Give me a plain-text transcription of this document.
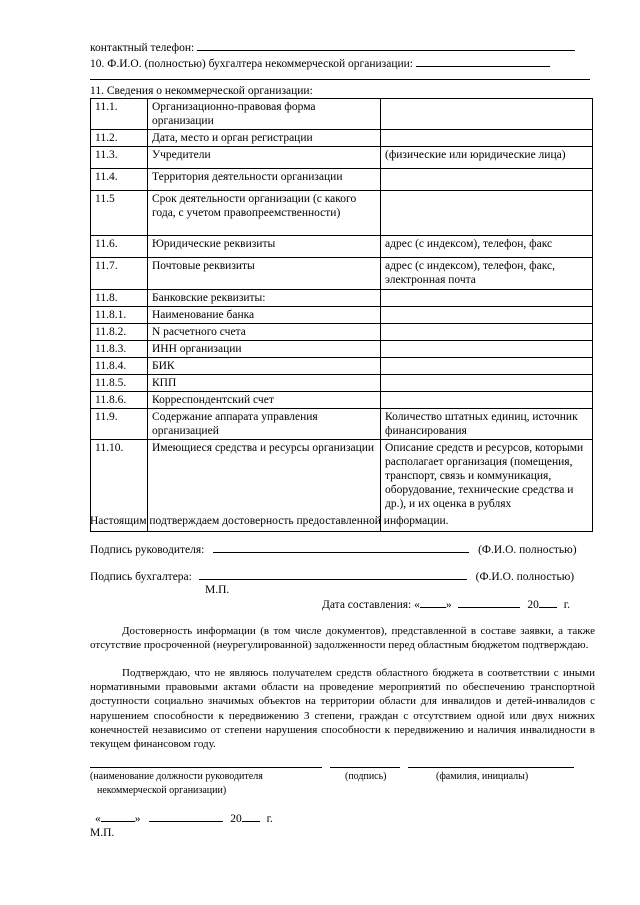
контактный телефон:
10. Ф.И.О. (полностью) бухгалтера некоммерческой организации:
11. Сведения о некоммерческой организации:
11.1.	Организационно-правовая форма организации	
11.2.	Дата, место и орган регистрации	
11.3.	Учредители	(физические или юридические лица)
11.4.	Территория деятельности организации	
11.5	Срок деятельности организации (с какого года, с учетом правопреемственности)	
11.6.	Юридические реквизиты	адрес (с индексом), телефон, факс
11.7.	Почтовые реквизиты	адрес (с индексом), телефон, факс, электронная почта
11.8.	Банковские реквизиты:	
11.8.1.	Наименование банка	
11.8.2.	N расчетного счета	
11.8.3.	ИНН организации	
11.8.4.	БИК	
11.8.5.	КПП	
11.8.6.	Корреспондентский счет	
11.9.	Содержание аппарата управления организацией	Количество штатных единиц, источник финансирования
11.10.	Имеющиеся средства и ресурсы организации	Описание средств и ресурсов, которыми располагает организация (помещения, транспорт, связь и коммуникация, оборудование, технические средства и др.), и их оценка в рублях
Настоящим подтверждаем достоверность предоставленной информации.
Подпись руководителя:	(Ф.И.О. полностью)
Подпись бухгалтера:	(Ф.И.О. полностью)
М.П.
Дата составления: « »	20 г.
Достоверность информации (в том числе документов), представленной в составе заявки, а также отсутствие просроченной (неурегулированной) задолженности перед областным бюджетом подтверждаю.
Подтверждаю, что не являюсь получателем средств областного бюджета в соответствии с иными нормативными правовыми актами области на проведение мероприятий по обеспечению транспортной доступности социально значимых объектов на территории области для инвалидов и детей-инвалидов с нарушением способности к передвижению 3 степени, граждан с отсутствием одной или двух нижних конечностей независимо от степени нарушения способности к передвижению и наличия инвалидности в текущем финансовом году.
(наименование должности руководителя	(подпись)	(фамилия, инициалы)
некоммерческой организации)
«	»	20 г.
М.П.
